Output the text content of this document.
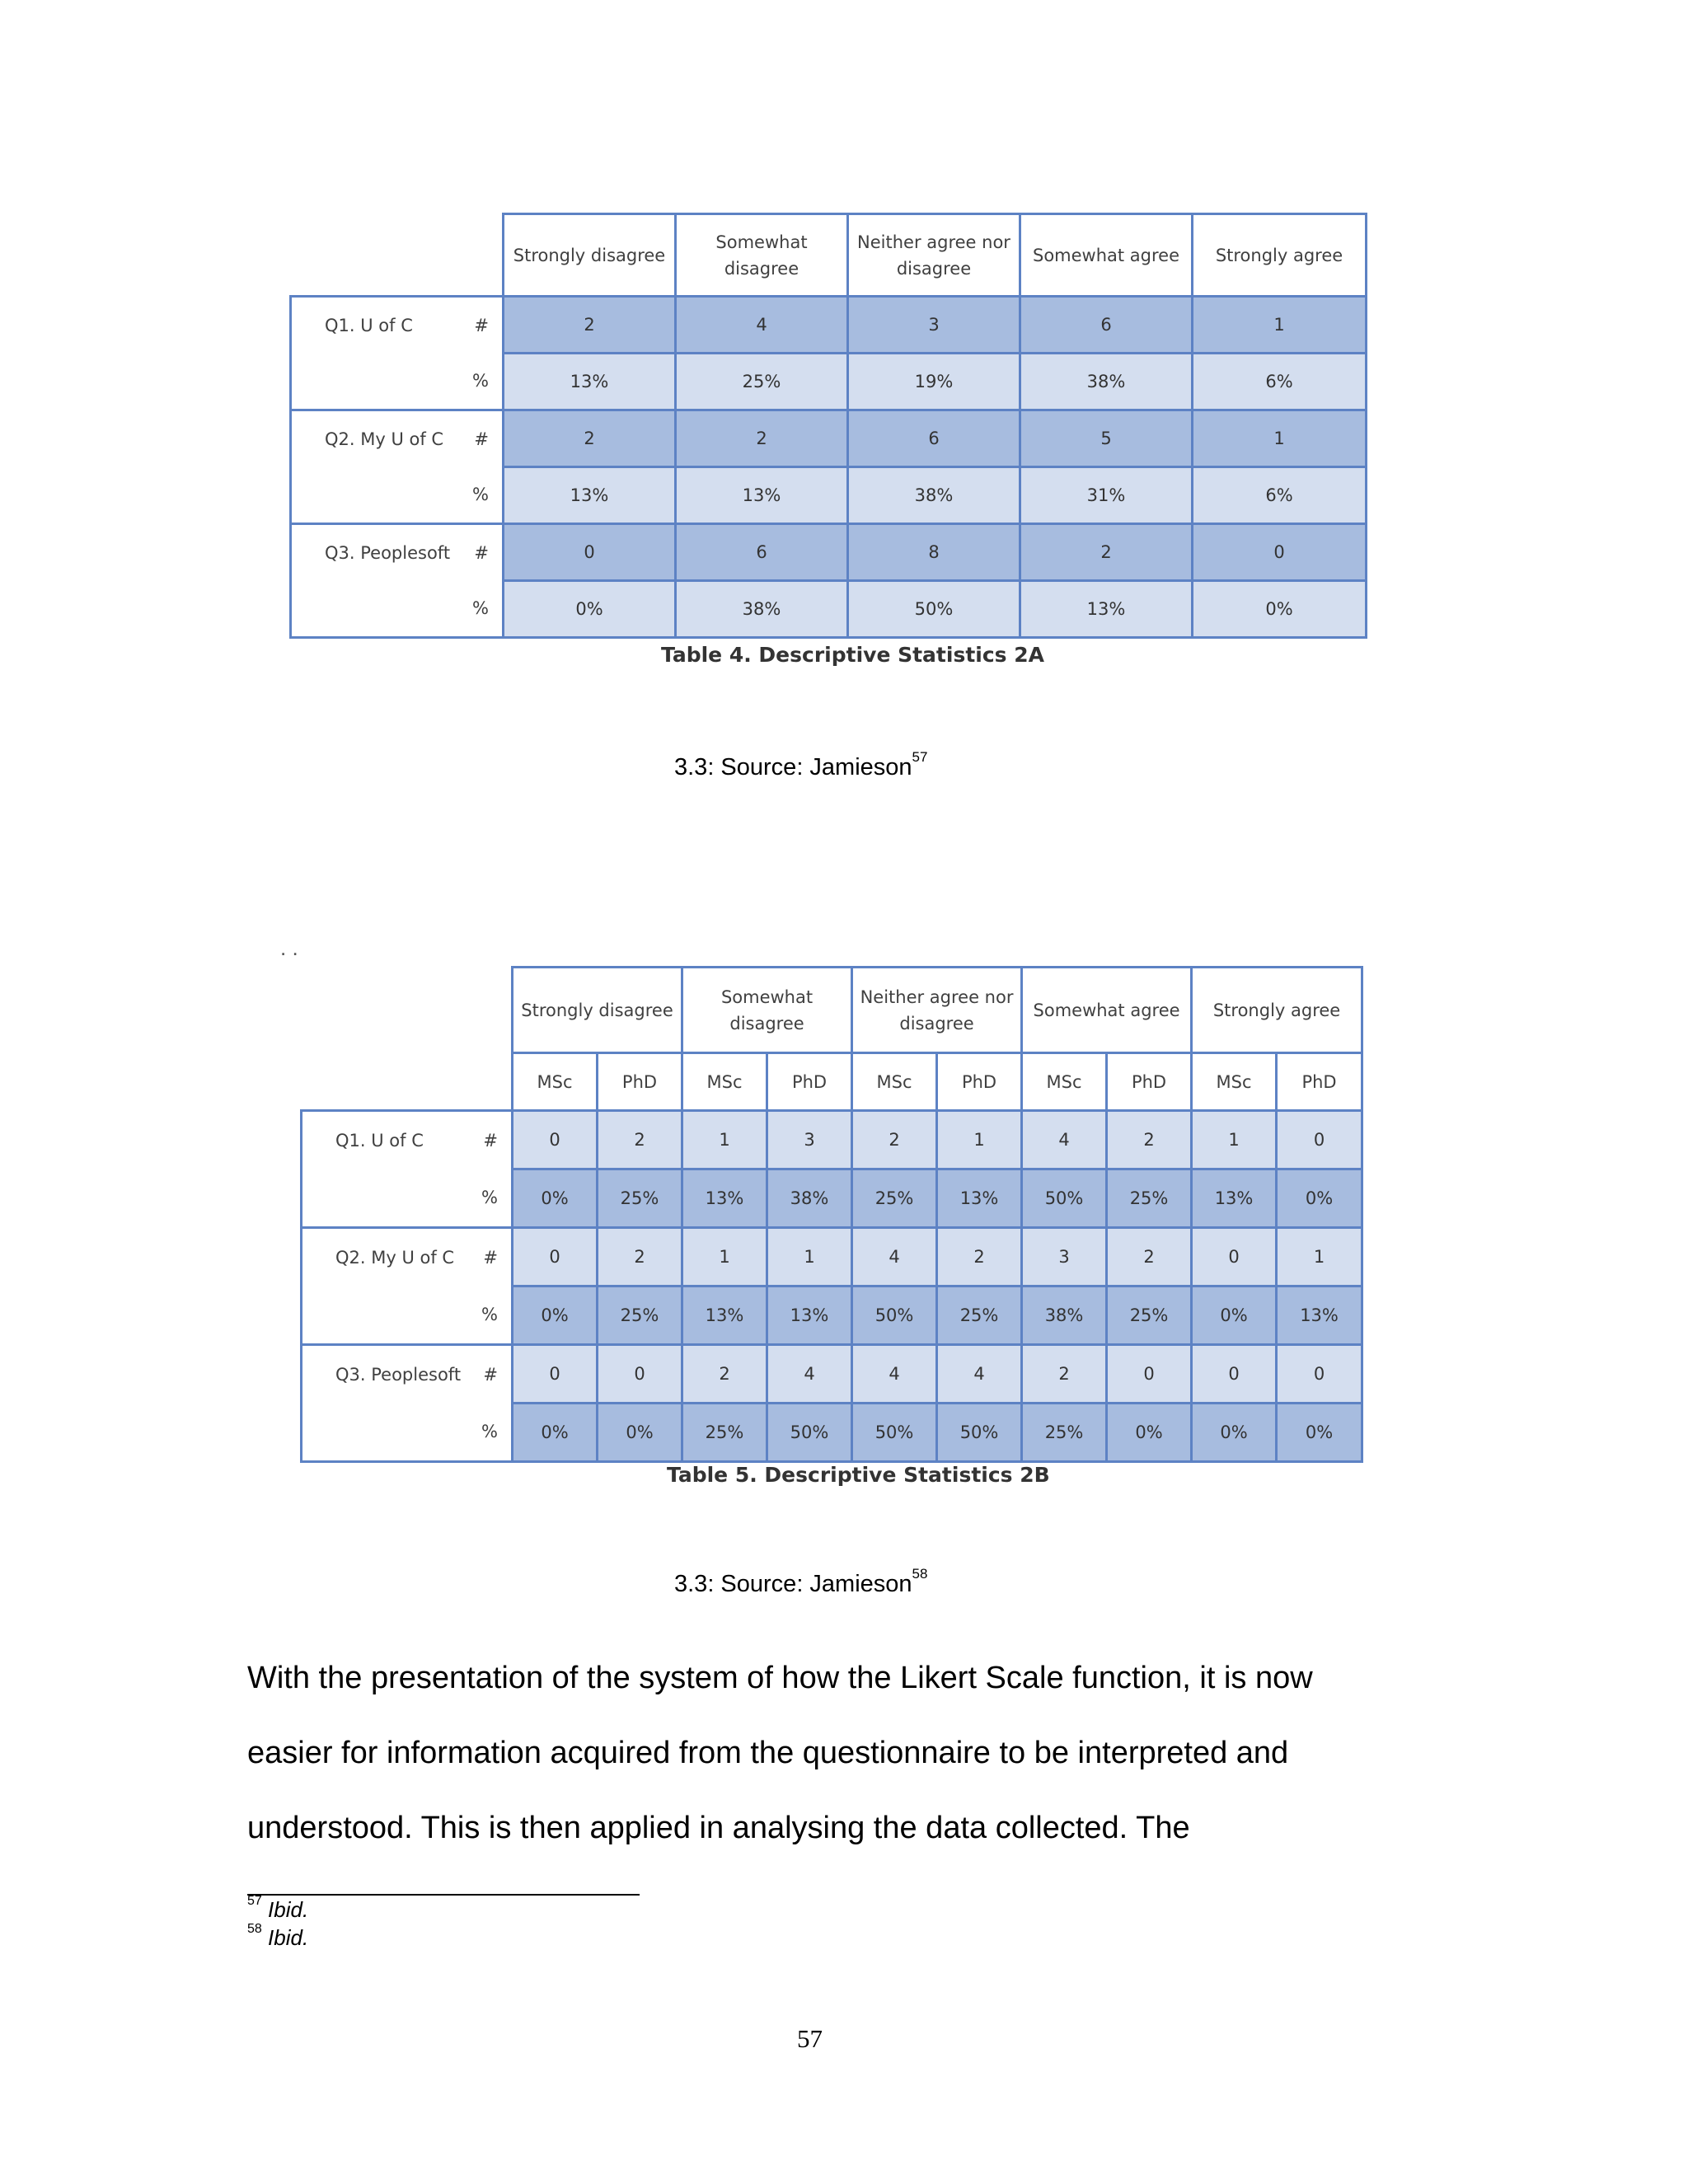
	Strongly disagree	Somewhat disagree	Neither agree nor disagree	Somewhat agree	Strongly agree

Q1. U of C #	2	4	3	6	1
%	13%	25%	19%	38%	6%

Q2. My U of C #	2	2	6	5	1
%	13%	13%	38%	31%	6%

Q3. Peoplesoft #	0	6	8	2	0
%	0%	38%	50%	13%	0%
Table 4. Descriptive Statistics 2A
3.3: Source: Jamieson$^{57}$
. .
	Strongly disagree		Somewhat disagree		Neither agree nor disagree		Somewhat agree		Strongly agree	
	MSc	PhD	MSc	PhD	MSc	PhD	MSc	PhD	MSc	PhD

Q1. U of C #	0	2	1	3	2	1	4	2	1	0
%	0%	25%	13%	38%	25%	13%	50%	25%	13%	0%

Q2. My U of C #	0	2	1	1	4	2	3	2	0	1
%	0%	25%	13%	13%	50%	25%	38%	25%	0%	13%

Q3. Peoplesoft #	0	0	2	4	4	4	2	0	0	0
%	0%	0%	25%	50%	50%	50%	25%	0%	0%	0%
Table 5. Descriptive Statistics 2B
3.3: Source: Jamieson$^{58}$

With the presentation of the system of how the Likert Scale function, it is now

easier for information acquired from the questionnaire to be interpreted and

understood. This is then applied in analysing the data collected. The

$^{57}$ Ibid.
$^{58}$ Ibid.
57
